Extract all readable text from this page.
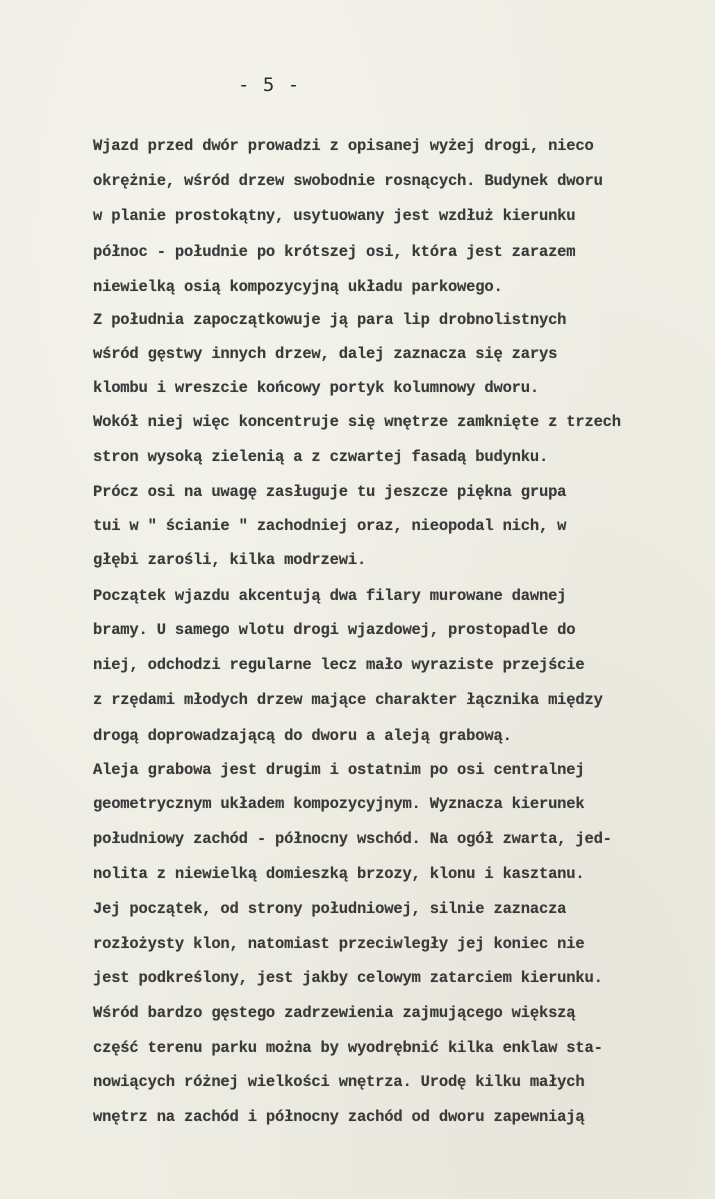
- 5 -
Wjazd przed dwór prowadzi z opisanej wyżej drogi, nieco
okrężnie, wśród drzew swobodnie rosnących. Budynek dworu
w planie prostokątny, usytuowany jest wzdłuż kierunku
północ - południe po krótszej osi, która jest zarazem
niewielką osią kompozycyjną układu parkowego.
Z południa zapoczątkowuje ją para lip drobnolistnych
wśród gęstwy innych drzew, dalej zaznacza się zarys
klombu i wreszcie końcowy portyk kolumnowy dworu.
Wokół niej więc koncentruje się wnętrze zamknięte z trzech
stron wysoką zielenią a z czwartej fasadą budynku.
Prócz osi na uwagę zasługuje tu jeszcze piękna grupa
tui w " ścianie " zachodniej oraz, nieopodal nich, w
głębi zarośli, kilka modrzewi.
Początek wjazdu akcentują dwa filary murowane dawnej
bramy. U samego wlotu drogi wjazdowej, prostopadle do
niej, odchodzi regularne lecz mało wyraziste przejście
z rzędami młodych drzew mające charakter łącznika między
drogą doprowadzającą do dworu a aleją grabową.
Aleja grabowa jest drugim i ostatnim po osi centralnej
geometrycznym układem kompozycyjnym. Wyznacza kierunek
południowy zachód - północny wschód. Na ogół zwarta, jed-
nolita z niewielką domieszką brzozy, klonu i kasztanu.
Jej początek, od strony południowej, silnie zaznacza
rozłożysty klon, natomiast przeciwległy jej koniec nie
jest podkreślony, jest jakby celowym zatarciem kierunku.
Wśród bardzo gęstego zadrzewienia zajmującego większą
część terenu parku można by wyodrębnić kilka enklaw sta-
nowiących różnej wielkości wnętrza. Urodę kilku małych
wnętrz na zachód i północny zachód od dworu zapewniają
